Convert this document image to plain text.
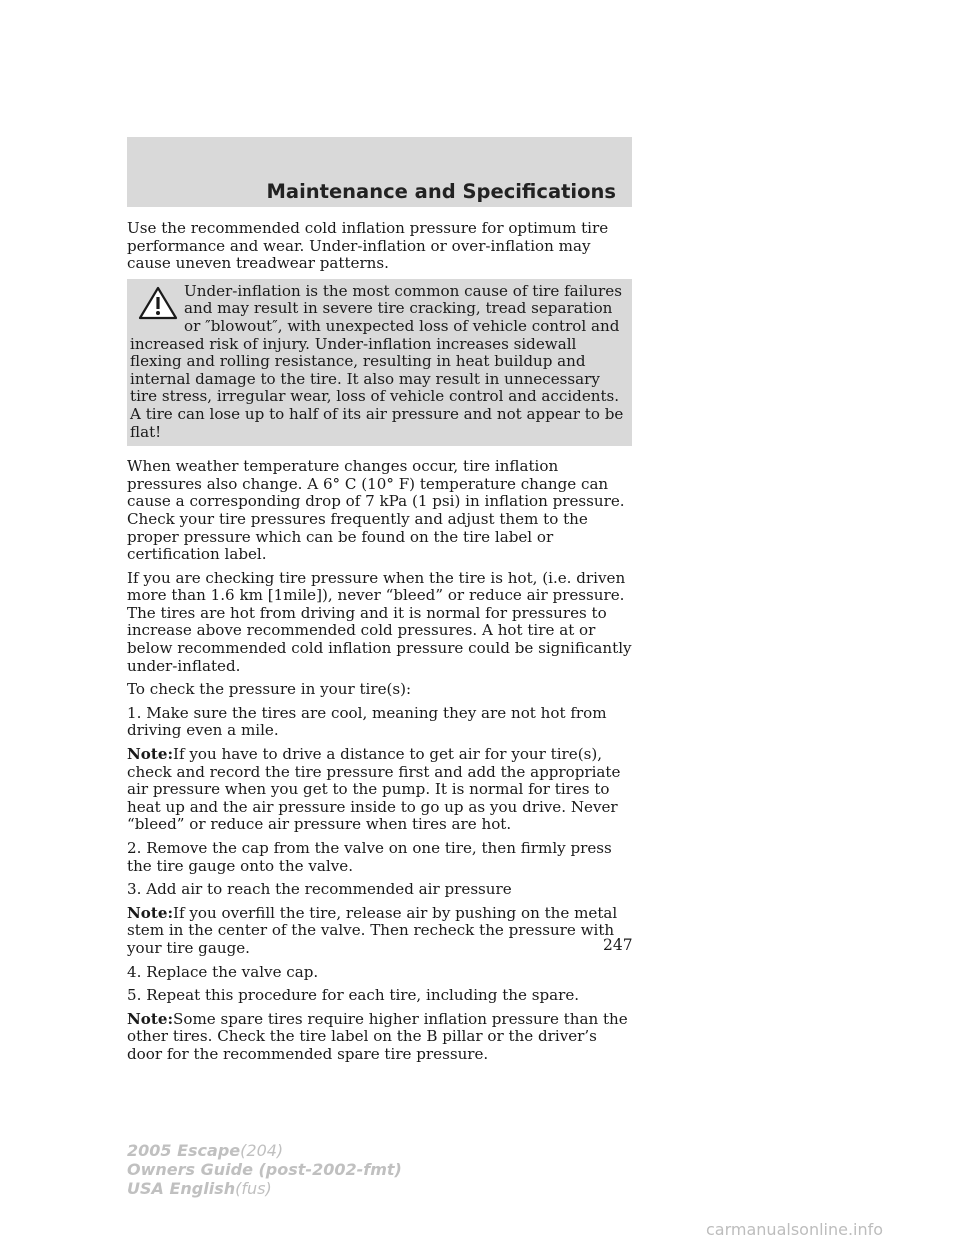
Maintenance and Specifications

Use the recommended cold inflation pressure for optimum tire performance and wear. Under-inflation or over-inflation may cause uneven treadwear patterns.

Under-inflation is the most common cause of tire failures and may result in severe tire cracking, tread separation or ″blowout″, with unexpected loss of vehicle control and increased risk of injury. Under-inflation increases sidewall flexing and rolling resistance, resulting in heat buildup and internal damage to the tire. It also may result in unnecessary tire stress, irregular wear, loss of vehicle control and accidents. A tire can lose up to half of its air pressure and not appear to be flat!

When weather temperature changes occur, tire inflation pressures also change. A 6° C (10° F) temperature change can cause a corresponding drop of 7 kPa (1 psi) in inflation pressure. Check your tire pressures frequently and adjust them to the proper pressure which can be found on the tire label or certification label.

If you are checking tire pressure when the tire is hot, (i.e. driven more than 1.6 km [1mile]), never “bleed” or reduce air pressure. The tires are hot from driving and it is normal for pressures to increase above recommended cold pressures. A hot tire at or below recommended cold inflation pressure could be significantly under-inflated.

To check the pressure in your tire(s):

1. Make sure the tires are cool, meaning they are not hot from driving even a mile.

Note:If you have to drive a distance to get air for your tire(s), check and record the tire pressure first and add the appropriate air pressure when you get to the pump. It is normal for tires to heat up and the air pressure inside to go up as you drive. Never “bleed” or reduce air pressure when tires are hot.

2. Remove the cap from the valve on one tire, then firmly press the tire gauge onto the valve.

3. Add air to reach the recommended air pressure

Note:If you overfill the tire, release air by pushing on the metal stem in the center of the valve. Then recheck the pressure with your tire gauge.

4. Replace the valve cap.

5. Repeat this procedure for each tire, including the spare.

Note:Some spare tires require higher inflation pressure than the other tires. Check the tire label on the B pillar or the driver’s door for the recommended spare tire pressure.

247
2005 Escape(204)
Owners Guide (post-2002-fmt)
USA English(fus)
carmanualsonline.info
